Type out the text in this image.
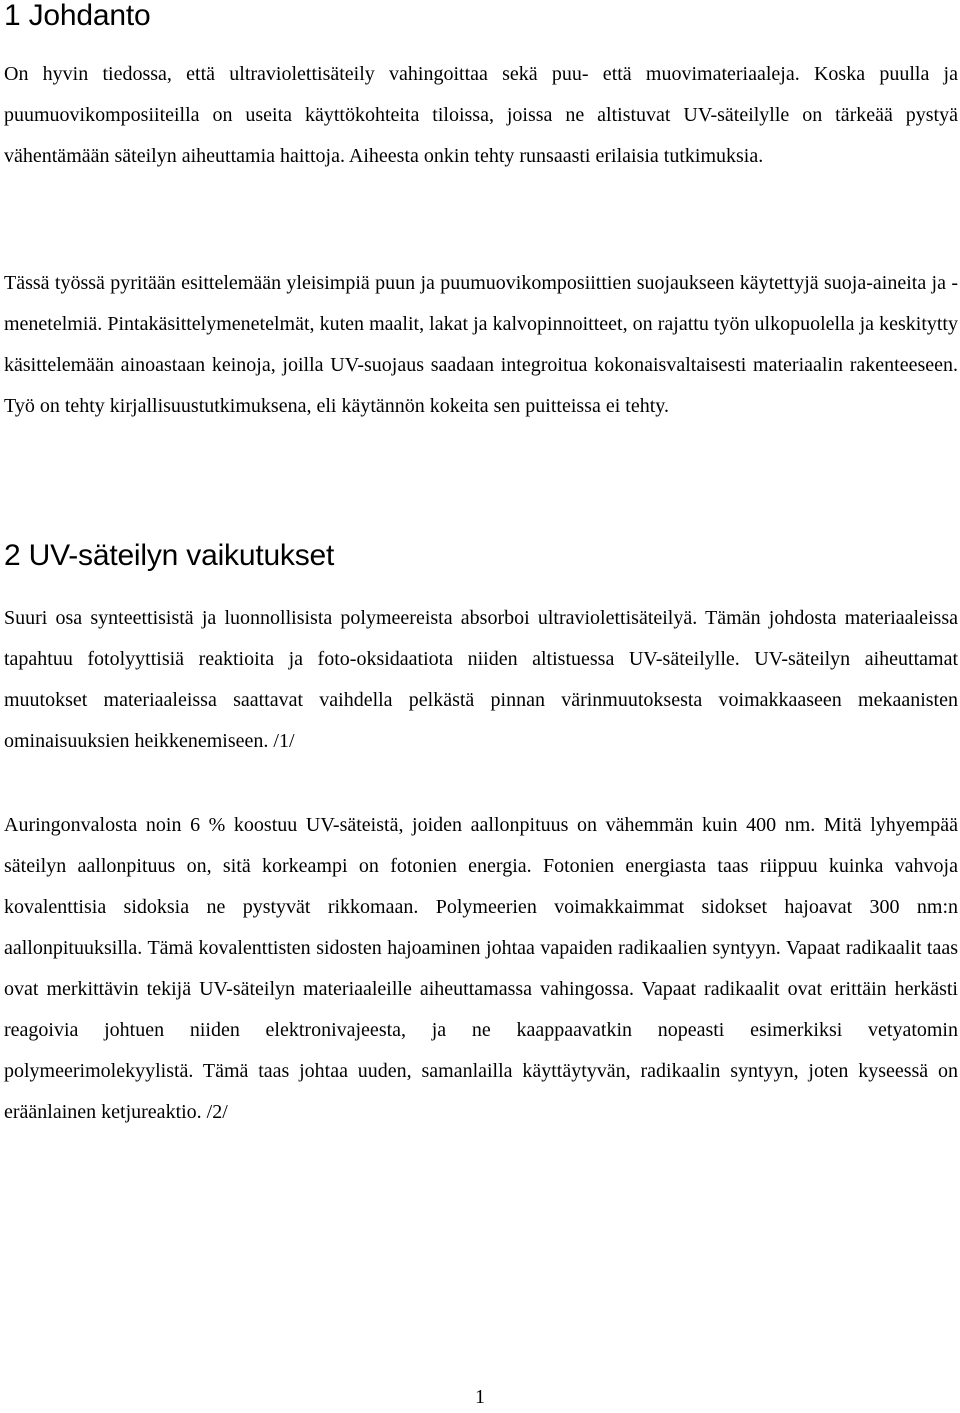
1 Johdanto

On hyvin tiedossa, että ultraviolettisäteily vahingoittaa sekä puu- että muovimateriaaleja. Koska puulla ja puumuovikomposiiteilla on useita käyttökohteita tiloissa, joissa ne altistuvat UV-säteilylle on tärkeää pystyä vähentämään säteilyn aiheuttamia haittoja. Aiheesta onkin tehty runsaasti erilaisia tutkimuksia.

Tässä työssä pyritään esittelemään yleisimpiä puun ja puumuovikomposiittien suojaukseen käytettyjä suoja-aineita ja -menetelmiä. Pintakäsittelymenetelmät, kuten maalit, lakat ja kalvopinnoitteet, on rajattu työn ulkopuolella ja keskitytty käsittelemään ainoastaan keinoja, joilla UV-suojaus saadaan integroitua kokonaisvaltaisesti materiaalin rakenteeseen. Työ on tehty kirjallisuustutkimuksena, eli käytännön kokeita sen puitteissa ei tehty.

2 UV-säteilyn vaikutukset

Suuri osa synteettisistä ja luonnollisista polymeereista absorboi ultraviolettisäteilyä. Tämän johdosta materiaaleissa tapahtuu fotolyyttisiä reaktioita ja foto-oksidaatiota niiden altistuessa UV-säteilylle. UV-säteilyn aiheuttamat muutokset materiaaleissa saattavat vaihdella pelkästä pinnan värinmuutoksesta voimakkaaseen mekaanisten ominaisuuksien heikkenemiseen. /1/

Auringonvalosta noin 6 % koostuu UV-säteistä, joiden aallonpituus on vähemmän kuin 400 nm. Mitä lyhyempää säteilyn aallonpituus on, sitä korkeampi on fotonien energia. Fotonien energiasta taas riippuu kuinka vahvoja kovalenttisia sidoksia ne pystyvät rikkomaan. Polymeerien voimakkaimmat sidokset hajoavat 300 nm:n aallonpituuksilla. Tämä kovalenttisten sidosten hajoaminen johtaa vapaiden radikaalien syntyyn. Vapaat radikaalit taas ovat merkittävin tekijä UV-säteilyn materiaaleille aiheuttamassa vahingossa. Vapaat radikaalit ovat erittäin herkästi reagoivia johtuen niiden elektronivajeesta, ja ne kaappaavatkin nopeasti esimerkiksi vetyatomin polymeerimolekyylistä. Tämä taas johtaa uuden, samanlailla käyttäytyvän, radikaalin syntyyn, joten kyseessä on eräänlainen ketjureaktio. /2/

1
